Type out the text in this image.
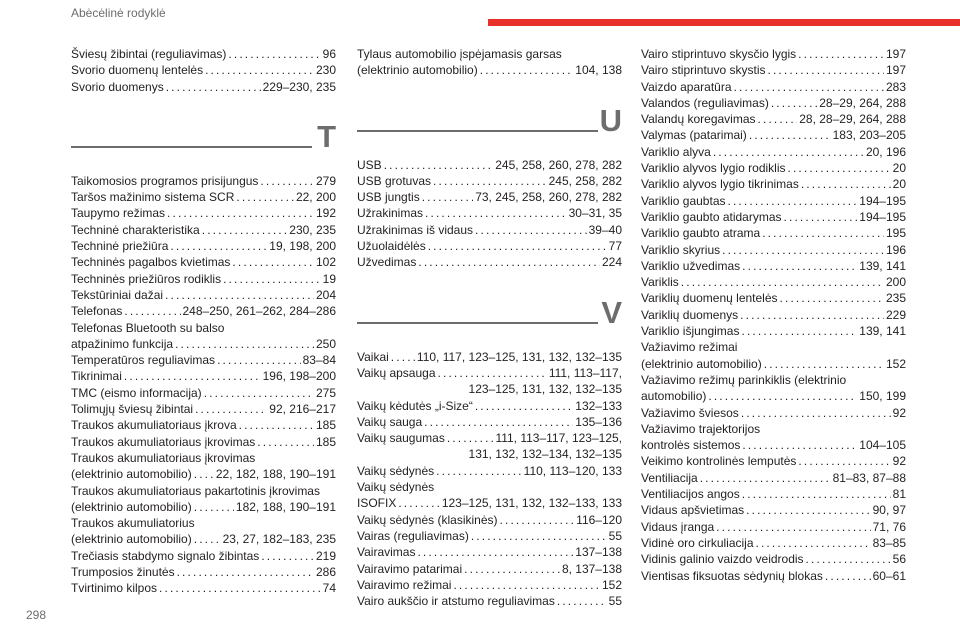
Abėcėlinė rodyklė
Šviesų žibintai (reguliavimas) . . .	96
Svorio duomenų lentelės . . .	230
Svorio duomenys . . .	229–230, 235
T
Taikomosios programos prisijungus . . .	279
Taršos mažinimo sistema SCR . . .	22, 200
Taupymo režimas . . .	192
Techninė charakteristika . . .	230, 235
Techninė priežiūra . . .	19, 198, 200
Techninės pagalbos kvietimas . . .	102
Techninės priežiūros rodiklis . . .	19
Tekstūriniai dažai . . .	204
Telefonas . . .	248–250, 261–262, 284–286
Telefonas Bluetooth su balso
atpažinimo funkcija . . .	250
Temperatūros reguliavimas . . .	83–84
Tikrinimai . . .	196, 198–200
TMC (eismo informacija) . . .	275
Tolimųjų šviesų žibintai . . .	92, 216–217
Traukos akumuliatoriaus įkrova . . .	185
Traukos akumuliatoriaus įkrovimas . . .	185
Traukos akumuliatoriaus įkrovimas
(elektrinio automobilio) . . . 22, 182, 188, 190–191
Traukos akumuliatoriaus pakartotinis įkrovimas
(elektrinio automobilio) . . .	182, 188, 190–191
Traukos akumuliatorius
(elektrinio automobilio) . . .	23, 27, 182–183, 235
Trečiasis stabdymo signalo žibintas . . .	219
Trumposios žinutės . . .	286
Tvirtinimo kilpos . . .	74
Tylaus automobilio įspėjamasis garsas
(elektrinio automobilio) . . .	104, 138
U
USB . . .	245, 258, 260, 278, 282
USB grotuvas . . .	245, 258, 282
USB jungtis . . .	73, 245, 258, 260, 278, 282
Užrakinimas . . .	30–31, 35
Užrakinimas iš vidaus . . .	39–40
Užuolaidėlės . . .	77
Užvedimas . . .	224
V
Vaikai . . . 110, 117, 123–125, 131, 132, 132–135
Vaikų apsauga . . .	111, 113–117,
123–125, 131, 132, 132–135
Vaikų kėdutės „i-Size“ . . .	132–133
Vaikų sauga . . .	135–136
Vaikų saugumas . . .	111, 113–117, 123–125,
131, 132, 132–134, 132–135
Vaikų sėdynės . . .	110, 113–120, 133
Vaikų sėdynės
ISOFIX . . .	123–125, 131, 132, 132–133, 133
Vaikų sėdynės (klasikinės) . . .	116–120
Vairas (reguliavimas) . . .	55
Vairavimas . . .	137–138
Vairavimo patarimai . . .	8, 137–138
Vairavimo režimai . . .	152
Vairo aukščio ir atstumo reguliavimas . . .	55
Vairo stiprintuvo skysčio lygis . . .	197
Vairo stiprintuvo skystis . . .	197
Vaizdo aparatūra . . .	283
Valandos (reguliavimas) . . .	28–29, 264, 288
Valandų koregavimas . . .	28, 28–29, 264, 288
Valymas (patarimai) . . .	183, 203–205
Variklio alyva . . .	20, 196
Variklio alyvos lygio rodiklis . . .	20
Variklio alyvos lygio tikrinimas . . .	20
Variklio gaubtas . . .	194–195
Variklio gaubto atidarymas . . .	194–195
Variklio gaubto atrama . . .	195
Variklio skyrius . . .	196
Variklio užvedimas . . .	139, 141
Variklis . . .	200
Variklių duomenų lentelės . . .	235
Variklių duomenys . . .	229
Variklio išjungimas . . .	139, 141
Važiavimo režimai
(elektrinio automobilio) . . .	152
Važiavimo režimų parinkiklis (elektrinio
automobilio) . . .	150, 199
Važiavimo šviesos . . .	92
Važiavimo trajektorijos
kontrolės sistemos . . .	104–105
Veikimo kontrolinės lemputės . . .	92
Ventiliacija . . .	81–83, 87–88
Ventiliacijos angos . . .	81
Vidaus apšvietimas . . .	90, 97
Vidaus įranga . . .	71, 76
Vidinė oro cirkuliacija . . .	83–85
Vidinis galinio vaizdo veidrodis . . .	56
Vientisas fiksuotas sėdynių blokas . . .	60–61
298
